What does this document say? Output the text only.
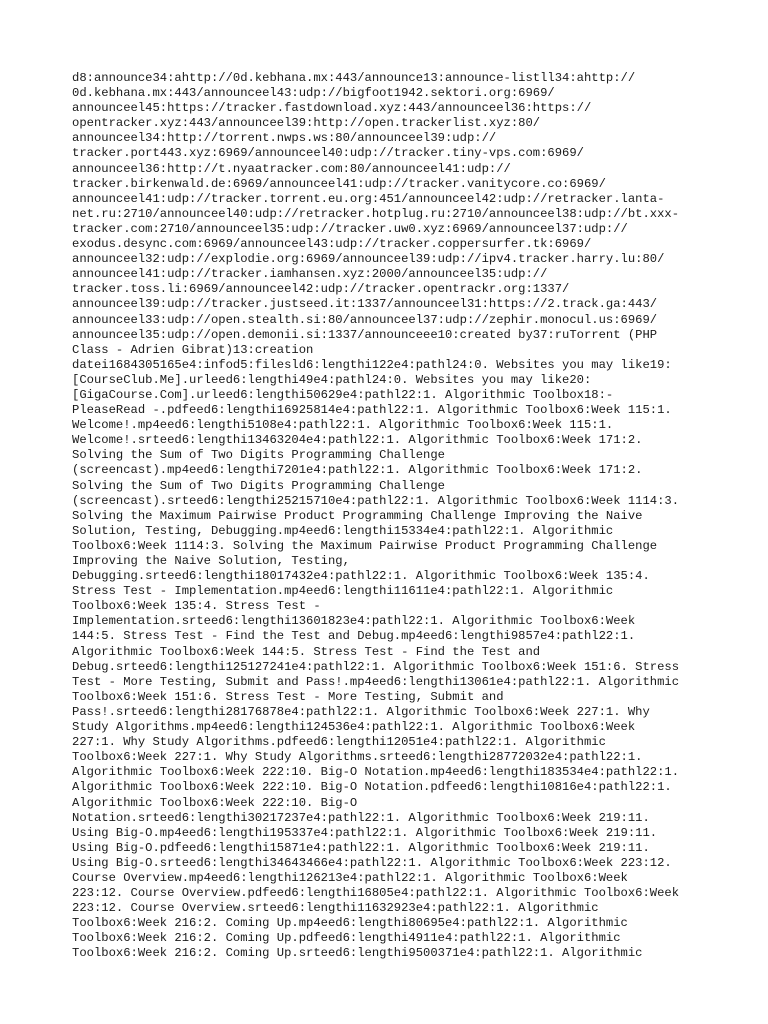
d8:announce34:ahttp://0d.kebhana.mx:443/announce13:announce-listll34:ahttp://
0d.kebhana.mx:443/announceel43:udp://bigfoot1942.sektori.org:6969/
announceel45:https://tracker.fastdownload.xyz:443/announceel36:https://
opentracker.xyz:443/announceel39:http://open.trackerlist.xyz:80/
announceel34:http://torrent.nwps.ws:80/announceel39:udp://
tracker.port443.xyz:6969/announceel40:udp://tracker.tiny-vps.com:6969/
announceel36:http://t.nyaatracker.com:80/announceel41:udp://
tracker.birkenwald.de:6969/announceel41:udp://tracker.vanitycore.co:6969/
announceel41:udp://tracker.torrent.eu.org:451/announceel42:udp://retracker.lanta-
net.ru:2710/announceel40:udp://retracker.hotplug.ru:2710/announceel38:udp://bt.xxx-
tracker.com:2710/announceel35:udp://tracker.uw0.xyz:6969/announceel37:udp://
exodus.desync.com:6969/announceel43:udp://tracker.coppersurfer.tk:6969/
announceel32:udp://explodie.org:6969/announceel39:udp://ipv4.tracker.harry.lu:80/
announceel41:udp://tracker.iamhansen.xyz:2000/announceel35:udp://
tracker.toss.li:6969/announceel42:udp://tracker.opentrackr.org:1337/
announceel39:udp://tracker.justseed.it:1337/announceel31:https://2.track.ga:443/
announceel33:udp://open.stealth.si:80/announceel37:udp://zephir.monocul.us:6969/
announceel35:udp://open.demonii.si:1337/announceee10:created by37:ruTorrent (PHP
Class - Adrien Gibrat)13:creation
datei1684305165e4:infod5:filesld6:lengthi122e4:pathl24:0. Websites you may like19:
[CourseClub.Me].urleed6:lengthi49e4:pathl24:0. Websites you may like20:
[GigaCourse.Com].urleed6:lengthi50629e4:pathl22:1. Algorithmic Toolbox18:-
PleaseRead -.pdfeed6:lengthi16925814e4:pathl22:1. Algorithmic Toolbox6:Week 115:1.
Welcome!.mp4eed6:lengthi5108e4:pathl22:1. Algorithmic Toolbox6:Week 115:1.
Welcome!.srteed6:lengthi13463204e4:pathl22:1. Algorithmic Toolbox6:Week 171:2.
Solving the Sum of Two Digits Programming Challenge
(screencast).mp4eed6:lengthi7201e4:pathl22:1. Algorithmic Toolbox6:Week 171:2.
Solving the Sum of Two Digits Programming Challenge
(screencast).srteed6:lengthi25215710e4:pathl22:1. Algorithmic Toolbox6:Week 1114:3.
Solving the Maximum Pairwise Product Programming Challenge Improving the Naive
Solution, Testing, Debugging.mp4eed6:lengthi15334e4:pathl22:1. Algorithmic
Toolbox6:Week 1114:3. Solving the Maximum Pairwise Product Programming Challenge
Improving the Naive Solution, Testing,
Debugging.srteed6:lengthi18017432e4:pathl22:1. Algorithmic Toolbox6:Week 135:4.
Stress Test - Implementation.mp4eed6:lengthi11611e4:pathl22:1. Algorithmic
Toolbox6:Week 135:4. Stress Test -
Implementation.srteed6:lengthi13601823e4:pathl22:1. Algorithmic Toolbox6:Week
144:5. Stress Test - Find the Test and Debug.mp4eed6:lengthi9857e4:pathl22:1.
Algorithmic Toolbox6:Week 144:5. Stress Test - Find the Test and
Debug.srteed6:lengthi125127241e4:pathl22:1. Algorithmic Toolbox6:Week 151:6. Stress
Test - More Testing, Submit and Pass!.mp4eed6:lengthi13061e4:pathl22:1. Algorithmic
Toolbox6:Week 151:6. Stress Test - More Testing, Submit and
Pass!.srteed6:lengthi28176878e4:pathl22:1. Algorithmic Toolbox6:Week 227:1. Why
Study Algorithms.mp4eed6:lengthi124536e4:pathl22:1. Algorithmic Toolbox6:Week
227:1. Why Study Algorithms.pdfeed6:lengthi12051e4:pathl22:1. Algorithmic
Toolbox6:Week 227:1. Why Study Algorithms.srteed6:lengthi28772032e4:pathl22:1.
Algorithmic Toolbox6:Week 222:10. Big-O Notation.mp4eed6:lengthi183534e4:pathl22:1.
Algorithmic Toolbox6:Week 222:10. Big-O Notation.pdfeed6:lengthi10816e4:pathl22:1.
Algorithmic Toolbox6:Week 222:10. Big-O
Notation.srteed6:lengthi30217237e4:pathl22:1. Algorithmic Toolbox6:Week 219:11.
Using Big-O.mp4eed6:lengthi195337e4:pathl22:1. Algorithmic Toolbox6:Week 219:11.
Using Big-O.pdfeed6:lengthi15871e4:pathl22:1. Algorithmic Toolbox6:Week 219:11.
Using Big-O.srteed6:lengthi34643466e4:pathl22:1. Algorithmic Toolbox6:Week 223:12.
Course Overview.mp4eed6:lengthi126213e4:pathl22:1. Algorithmic Toolbox6:Week
223:12. Course Overview.pdfeed6:lengthi16805e4:pathl22:1. Algorithmic Toolbox6:Week
223:12. Course Overview.srteed6:lengthi11632923e4:pathl22:1. Algorithmic
Toolbox6:Week 216:2. Coming Up.mp4eed6:lengthi80695e4:pathl22:1. Algorithmic
Toolbox6:Week 216:2. Coming Up.pdfeed6:lengthi4911e4:pathl22:1. Algorithmic
Toolbox6:Week 216:2. Coming Up.srteed6:lengthi9500371e4:pathl22:1. Algorithmic
